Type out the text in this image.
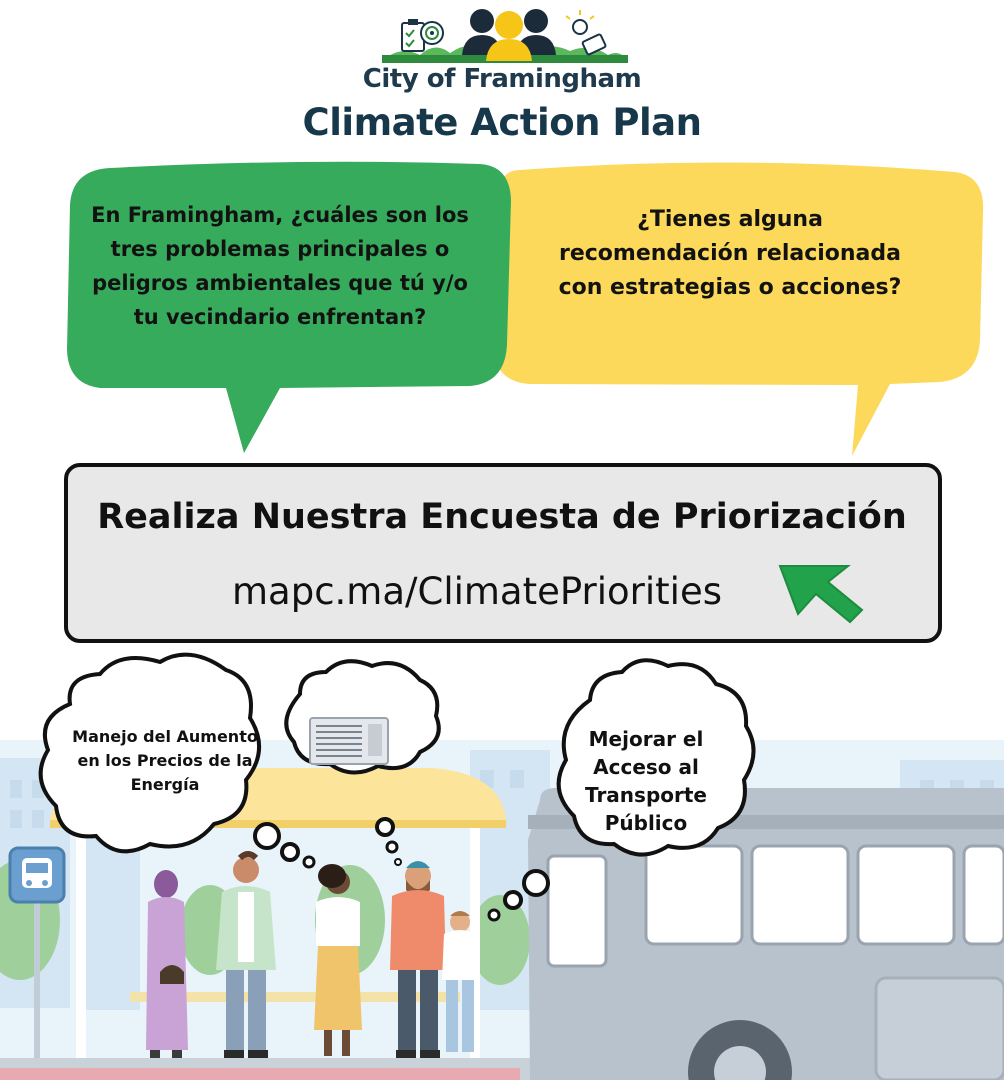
City of Framingham
Climate Action Plan
En Framingham, ¿cuáles son los tres problemas principales o peligros ambientales que tú y/o tu vecindario enfrentan?
¿Tienes alguna recomendación relacionada con estrategias o acciones?
Realiza Nuestra Encuesta de Priorización
mapc.ma/ClimatePriorities
Manejo del Aumento en los Precios de la Energía
Mejorar el Acceso al Transporte Público
